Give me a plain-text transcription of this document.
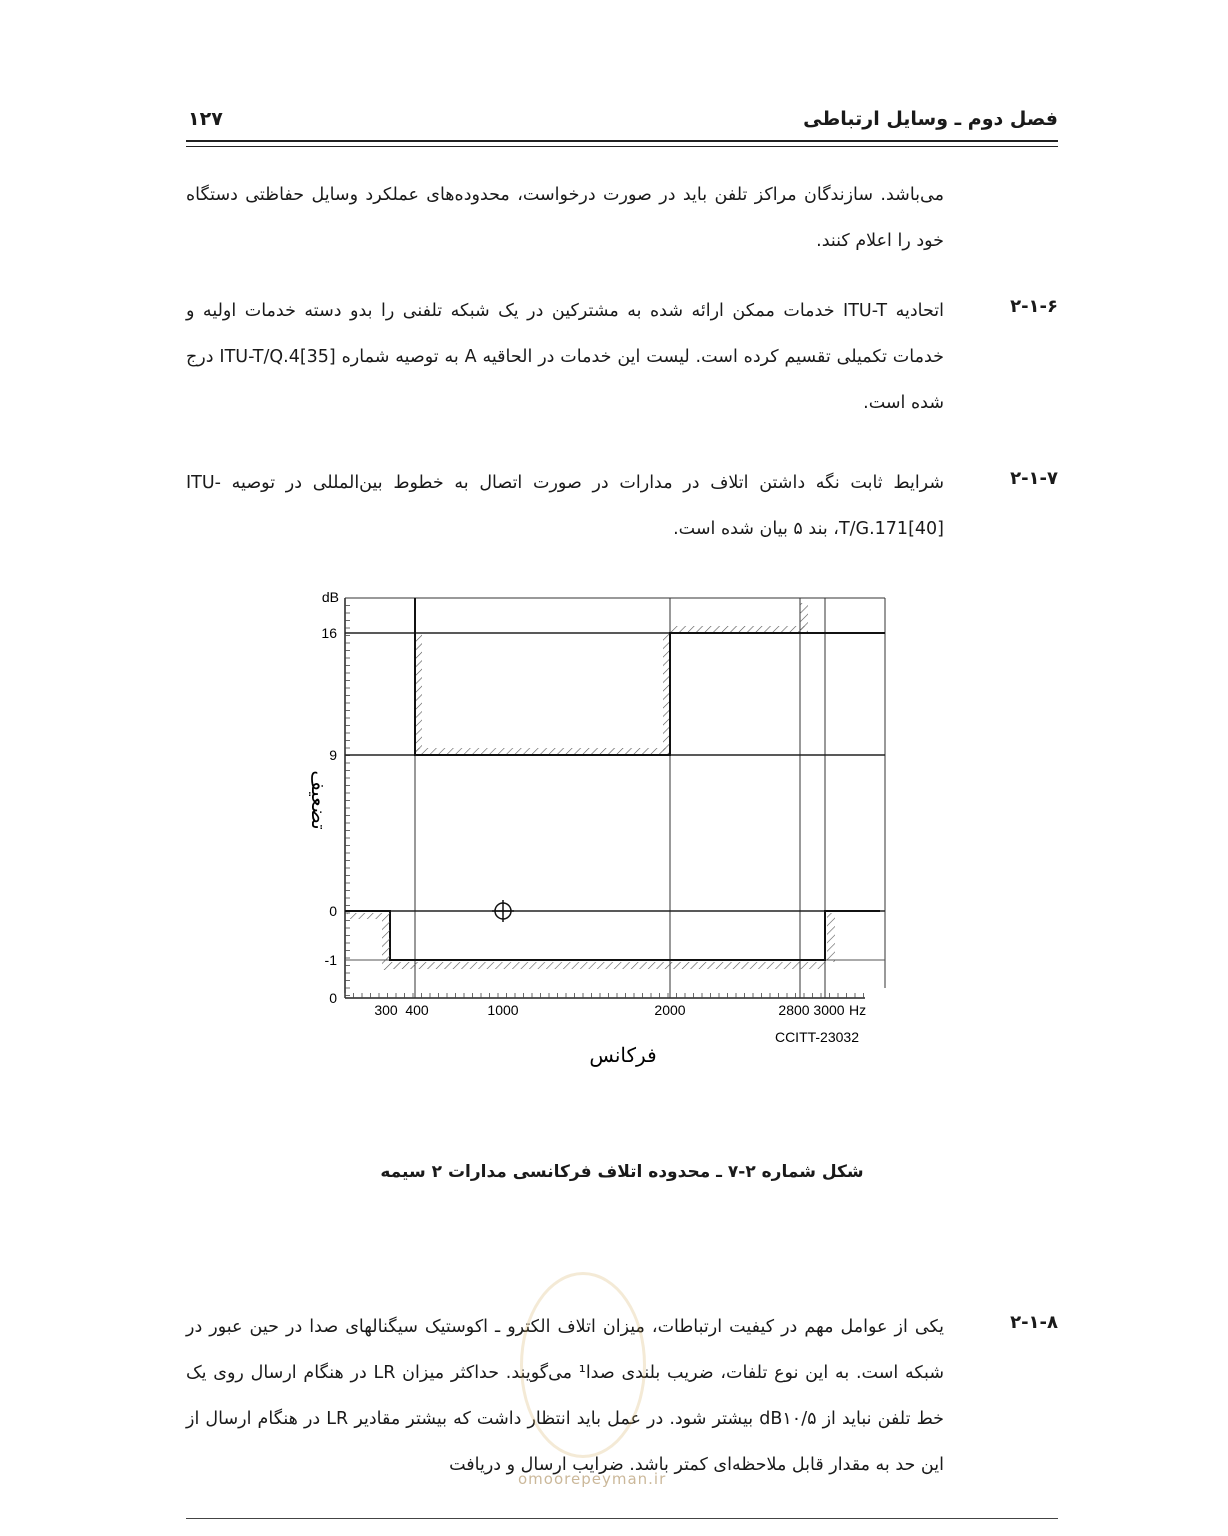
فصل دوم ـ وسایل ارتباطی
۱۲۷
می‌باشد. سازندگان مراکز تلفن باید در صورت درخواست، محدوده‌های عملکرد وسایل حفاظتی دستگاه خود را اعلام کنند.
۲-۱-۶
اتحادیه ITU-T خدمات ممکن ارائه شده به مشترکین در یک شبکه تلفنی را بدو دسته خدمات اولیه و خدمات تکمیلی تقسیم کرده است. لیست این خدمات در الحاقیه A به توصیه شماره ITU-T/Q.4[35] درج شده است.
۲-۱-۷
شرایط ثابت نگه داشتن اتلاف در مدارات در صورت اتصال به خطوط بین‌المللی در توصیه ITU-T/G.171[40]، بند ۵ بیان شده است.
dB
16
9
0
-1
0
300 400	1000	2000	2800 3000 Hz
CCITT-23032
فرکانس
تضعیف
شکل شماره ۲-۷ ـ محدوده اتلاف فرکانسی مدارات ۲ سیمه
۲-۱-۸
یکی از عوامل مهم در کیفیت ارتباطات، میزان اتلاف الکترو ـ اکوستیک سیگنالهای صدا در حین عبور در شبکه است. به این نوع تلفات، ضریب بلندی صدا¹ می‌گویند. حداکثر میزان LR در هنگام ارسال روی یک خط تلفن نباید از dB۱۰/۵ بیشتر شود. در عمل باید انتظار داشت که بیشتر مقادیر LR در هنگام ارسال از این حد به مقدار قابل ملاحظه‌ای کمتر باشد. ضرایب ارسال و دریافت
omoorepeyman.ir
